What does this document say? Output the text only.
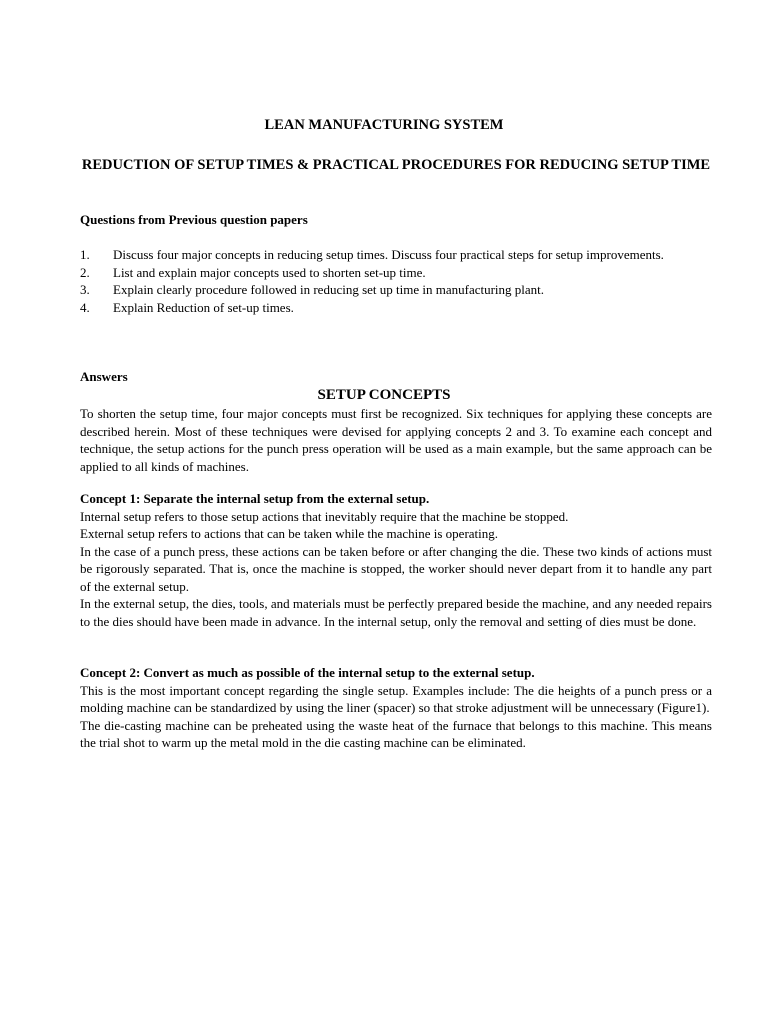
LEAN MANUFACTURING SYSTEM
REDUCTION OF SETUP TIMES & PRACTICAL PROCEDURES FOR REDUCING SETUP TIME
Questions from Previous question papers
1. Discuss four major concepts in reducing setup times. Discuss four practical steps for setup improvements.
2. List and explain major concepts used to shorten set-up time.
3. Explain clearly procedure followed in reducing set up time in manufacturing plant.
4. Explain Reduction of set-up times.
Answers
SETUP CONCEPTS

To shorten the setup time, four major concepts must first be recognized. Six techniques for applying these concepts are described herein. Most of these techniques were devised for applying concepts 2 and 3. To examine each concept and technique, the setup actions for the punch press operation will be used as a main example, but the same approach can be applied to all kinds of machines.

Concept 1: Separate the internal setup from the external setup.

Internal setup refers to those setup actions that inevitably require that the machine be stopped.

External setup refers to actions that can be taken while the machine is operating.

In the case of a punch press, these actions can be taken before or after changing the die. These two kinds of actions must be rigorously separated. That is, once the machine is stopped, the worker should never depart from it to handle any part of the external setup.

In the external setup, the dies, tools, and materials must be perfectly prepared beside the machine, and any needed repairs to the dies should have been made in advance. In the internal setup, only the removal and setting of dies must be done.

Concept 2: Convert as much as possible of the internal setup to the external setup.

This is the most important concept regarding the single setup. Examples include: The die heights of a punch press or a molding machine can be standardized by using the liner (spacer) so that stroke adjustment will be unnecessary (Figure1).

The die-casting machine can be preheated using the waste heat of the furnace that belongs to this machine. This means the trial shot to warm up the metal mold in the die casting machine can be eliminated.
